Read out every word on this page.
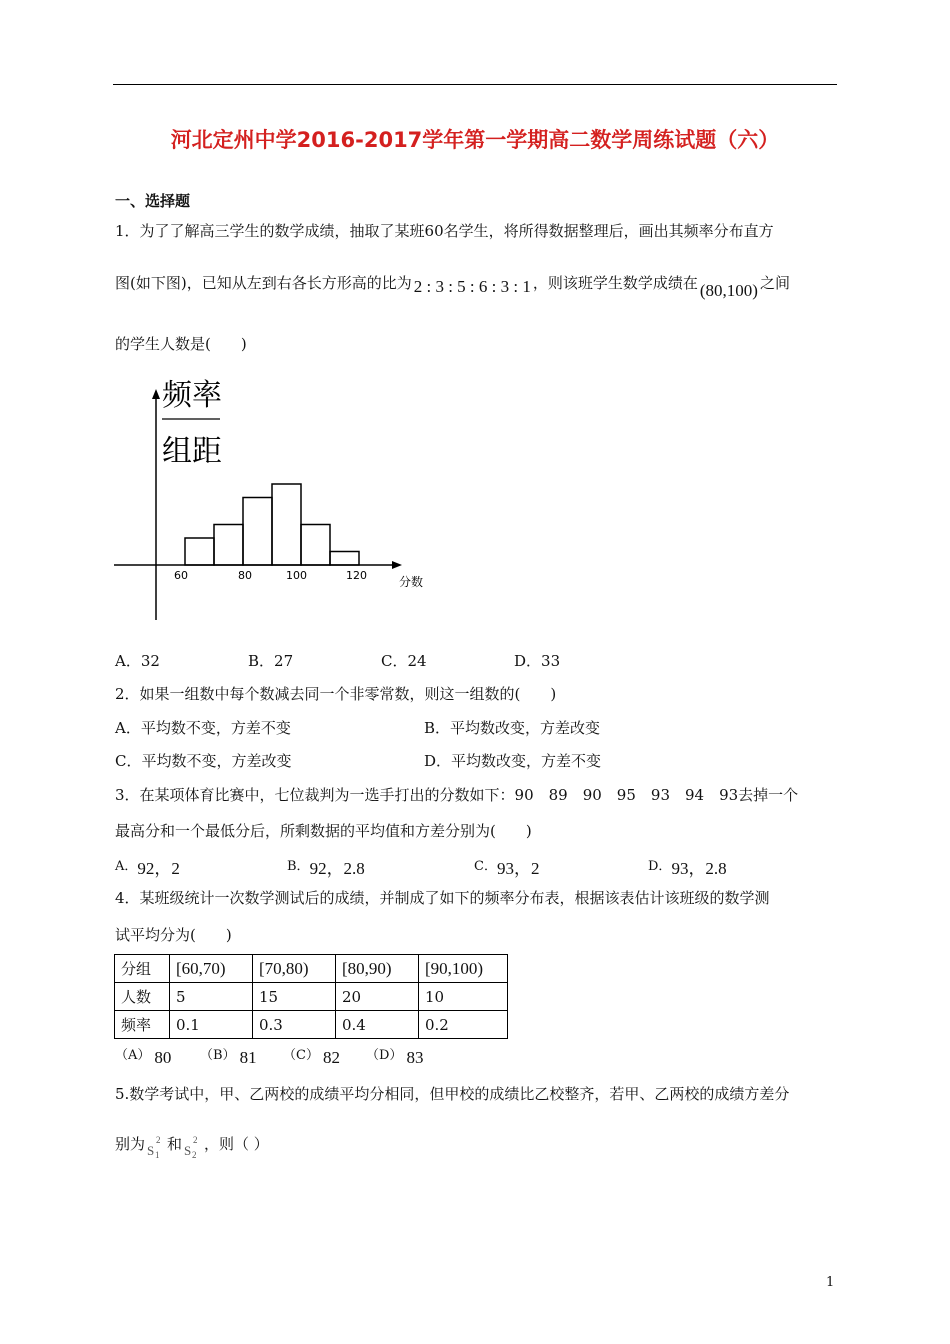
河北定州中学2016-2017学年第一学期高二数学周练试题（六）
一、选择题
1．为了了解高三学生的数学成绩，抽取了某班60名学生，将所得数据整理后，画出其频率分布直方
图(如下图)，已知从左到右各长方形高的比为 2 : 3 : 5 : 6 : 3 : 1 ，则该班学生数学成绩在 (80,100) 之间
的学生人数是(　　)
频率
组距
60	80	100	120	分数
A．32	B．27	C．24	D．33
2．如果一组数中每个数减去同一个非零常数，则这一组数的(　　)
A．平均数不变，方差不变	B．平均数改变，方差改变
C．平均数不变，方差改变	D．平均数改变，方差不变
3．在某项体育比赛中，七位裁判为一选手打出的分数如下：90　89　90　95　93　94　93去掉一个
最高分和一个最低分后，所剩数据的平均值和方差分别为(　　)
A．92，2	B．92，2.8	C．93，2	D．93，2.8
4．某班级统计一次数学测试后的成绩，并制成了如下的频率分布表，根据该表估计该班级的数学测
试平均分为(　　)
分组	[60,70)	[70,80)	[80,90)	[90,100)
人数	5	15	20	10
频率	0.1	0.3	0.4	0.2
（A） 80 （B） 81 （C） 82 （D） 83
5.数学考试中，甲、乙两校的成绩平均分相同，但甲校的成绩比乙校整齐，若甲、乙两校的成绩方差分
别为 S
2
1
和 S
2
2
，则（ ）
1
